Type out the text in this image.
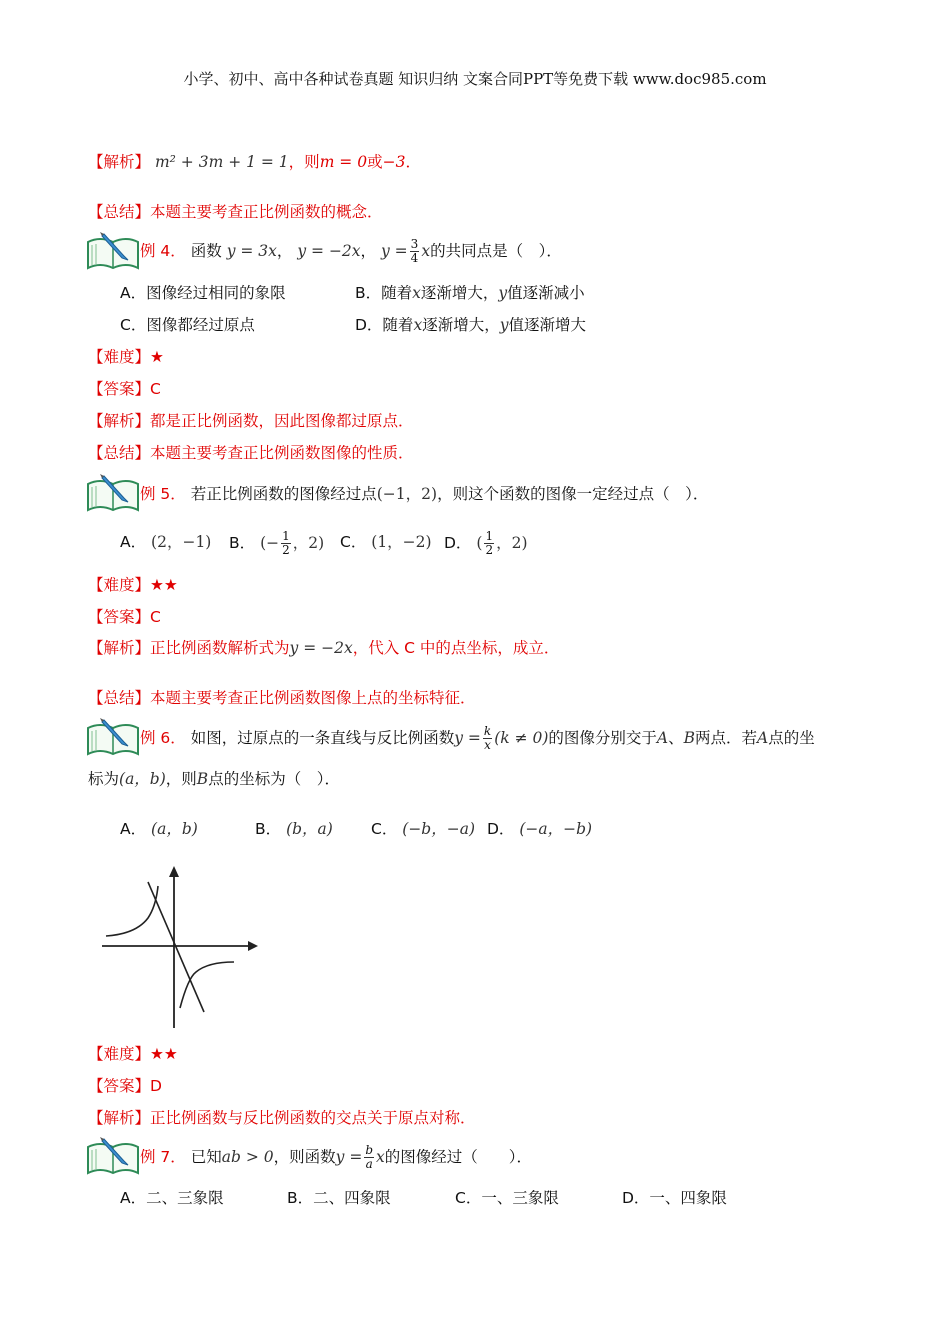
小学、初中、高中各种试卷真题 知识归纳 文案合同PPT等免费下载 www.doc985.com
【解析】 m² + 3m + 1 = 1，则m = 0或−3．
【总结】本题主要考查正比例函数的概念．
例 4． 函数 y = 3x， y = −2x， $y = \frac{3}{4}$ x的共同点是（　）．
A．图像经过相同的象限	B．随着x逐渐增大，y值逐渐减小
C．图像都经过原点	D．随着x逐渐增大，y值逐渐增大
【难度】★
【答案】C
【解析】都是正比例函数，因此图像都过原点．
【总结】本题主要考查正比例函数图像的性质．
例 5． 若正比例函数的图像经过点(−1，2)，则这个函数的图像一定经过点（　）．
A． (2，−1) B． (− $\frac{1}{2}$ ，2) C． (1，−2) D． ( $\frac{1}{2}$ ，2)
【难度】★★
【答案】C
【解析】正比例函数解析式为y = −2x，代入 C 中的点坐标，成立．
【总结】本题主要考查正比例函数图像上点的坐标特征．
例 6． 如图，过原点的一条直线与反比例函数$y = \frac{k}{x} (k \ne 0)$的图像分别交于A、B两点．若A点的坐
标为(a，b)，则B点的坐标为（　）．
A． (a，b)	B． (b，a) C． (−b，−a) D． (−a，−b)
【难度】★★
【答案】D
【解析】正比例函数与反比例函数的交点关于原点对称．
例 7． 已知ab > 0，则函数$y = \frac{b}{a}$ x的图像经过（　　）．
A．二、三象限	B．二、四象限	C．一、三象限	D．一、四象限
